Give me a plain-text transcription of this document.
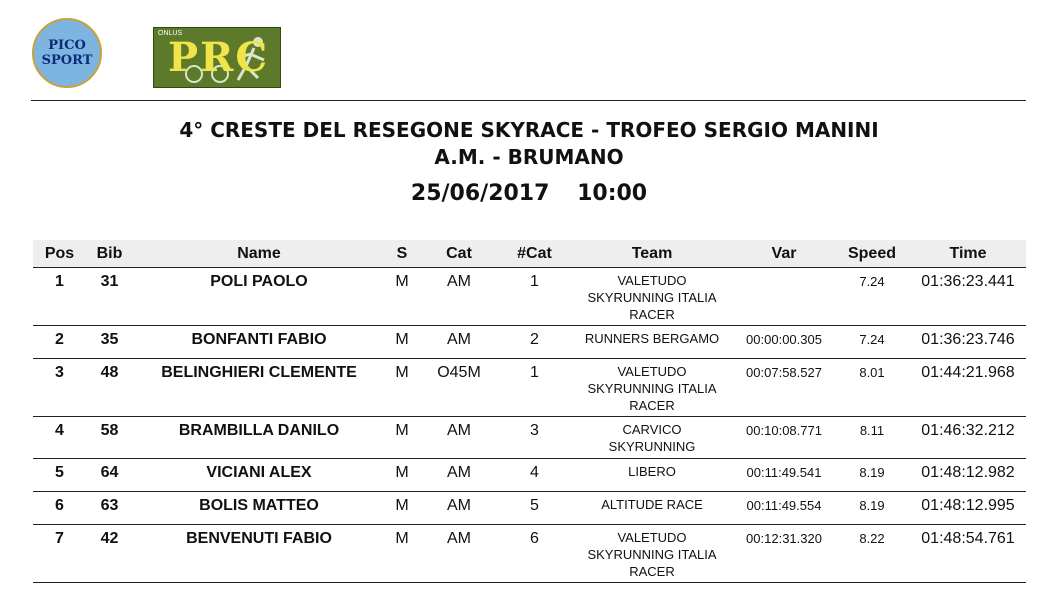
PICO
SPORT
ONLUS
PRC
4° CRESTE DEL RESEGONE SKYRACE - TROFEO SERGIO MANINI
A.M. - BRUMANO
25/06/2017 10:00
Pos	Bib	Name	S	Cat	#Cat	Team	Var	Speed	Time
1	31	POLI PAOLO	M	AM	1	VALETUDO
SKYRUNNING ITALIA
RACER		7.24	01:36:23.441
2	35	BONFANTI FABIO	M	AM	2	RUNNERS BERGAMO	00:00:00.305	7.24	01:36:23.746
3	48	BELINGHIERI CLEMENTE	M	O45M	1	VALETUDO
SKYRUNNING ITALIA
RACER	00:07:58.527	8.01	01:44:21.968
4	58	BRAMBILLA DANILO	M	AM	3	CARVICO
SKYRUNNING	00:10:08.771	8.11	01:46:32.212
5	64	VICIANI ALEX	M	AM	4	LIBERO	00:11:49.541	8.19	01:48:12.982
6	63	BOLIS MATTEO	M	AM	5	ALTITUDE RACE	00:11:49.554	8.19	01:48:12.995
7	42	BENVENUTI FABIO	M	AM	6	VALETUDO
SKYRUNNING ITALIA
RACER	00:12:31.320	8.22	01:48:54.761
